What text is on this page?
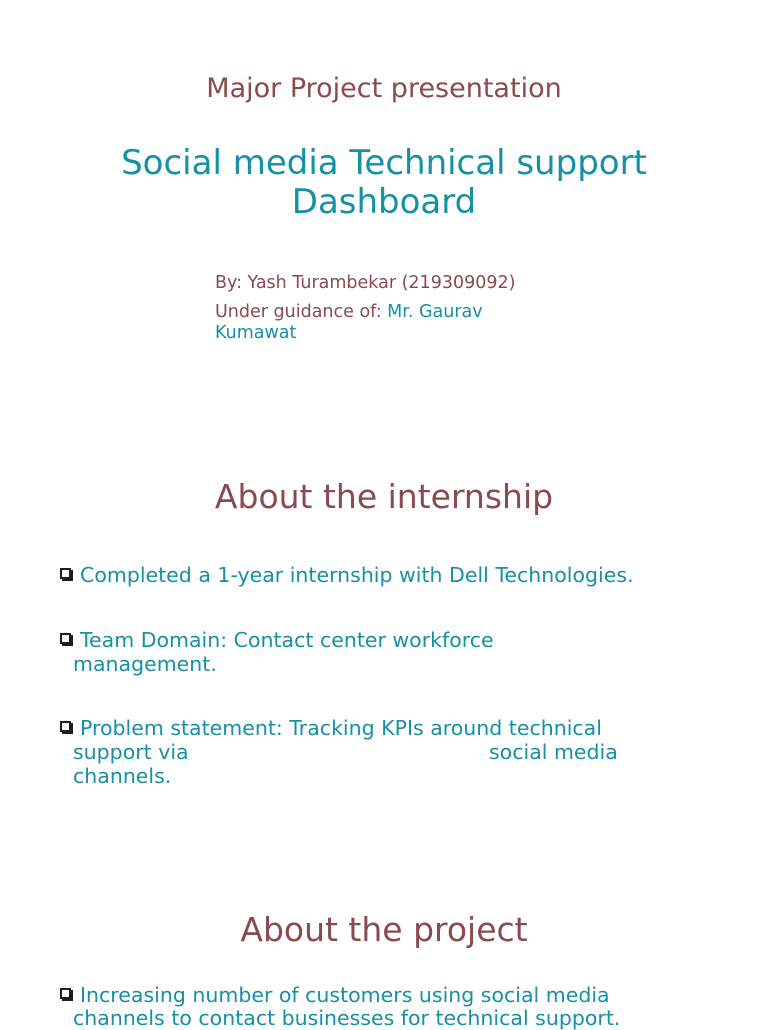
Major Project presentation
Social media Technical support
Dashboard
By: Yash Turambekar (219309092)
Under guidance of: Mr. Gaurav
Kumawat
About the internship
Completed a 1-year internship with Dell Technologies.
Team Domain: Contact center workforce
management.
Problem statement: Tracking KPIs around technical
support via	social media
channels.
About the project
Increasing number of customers using social media
channels to contact businesses for technical support.
